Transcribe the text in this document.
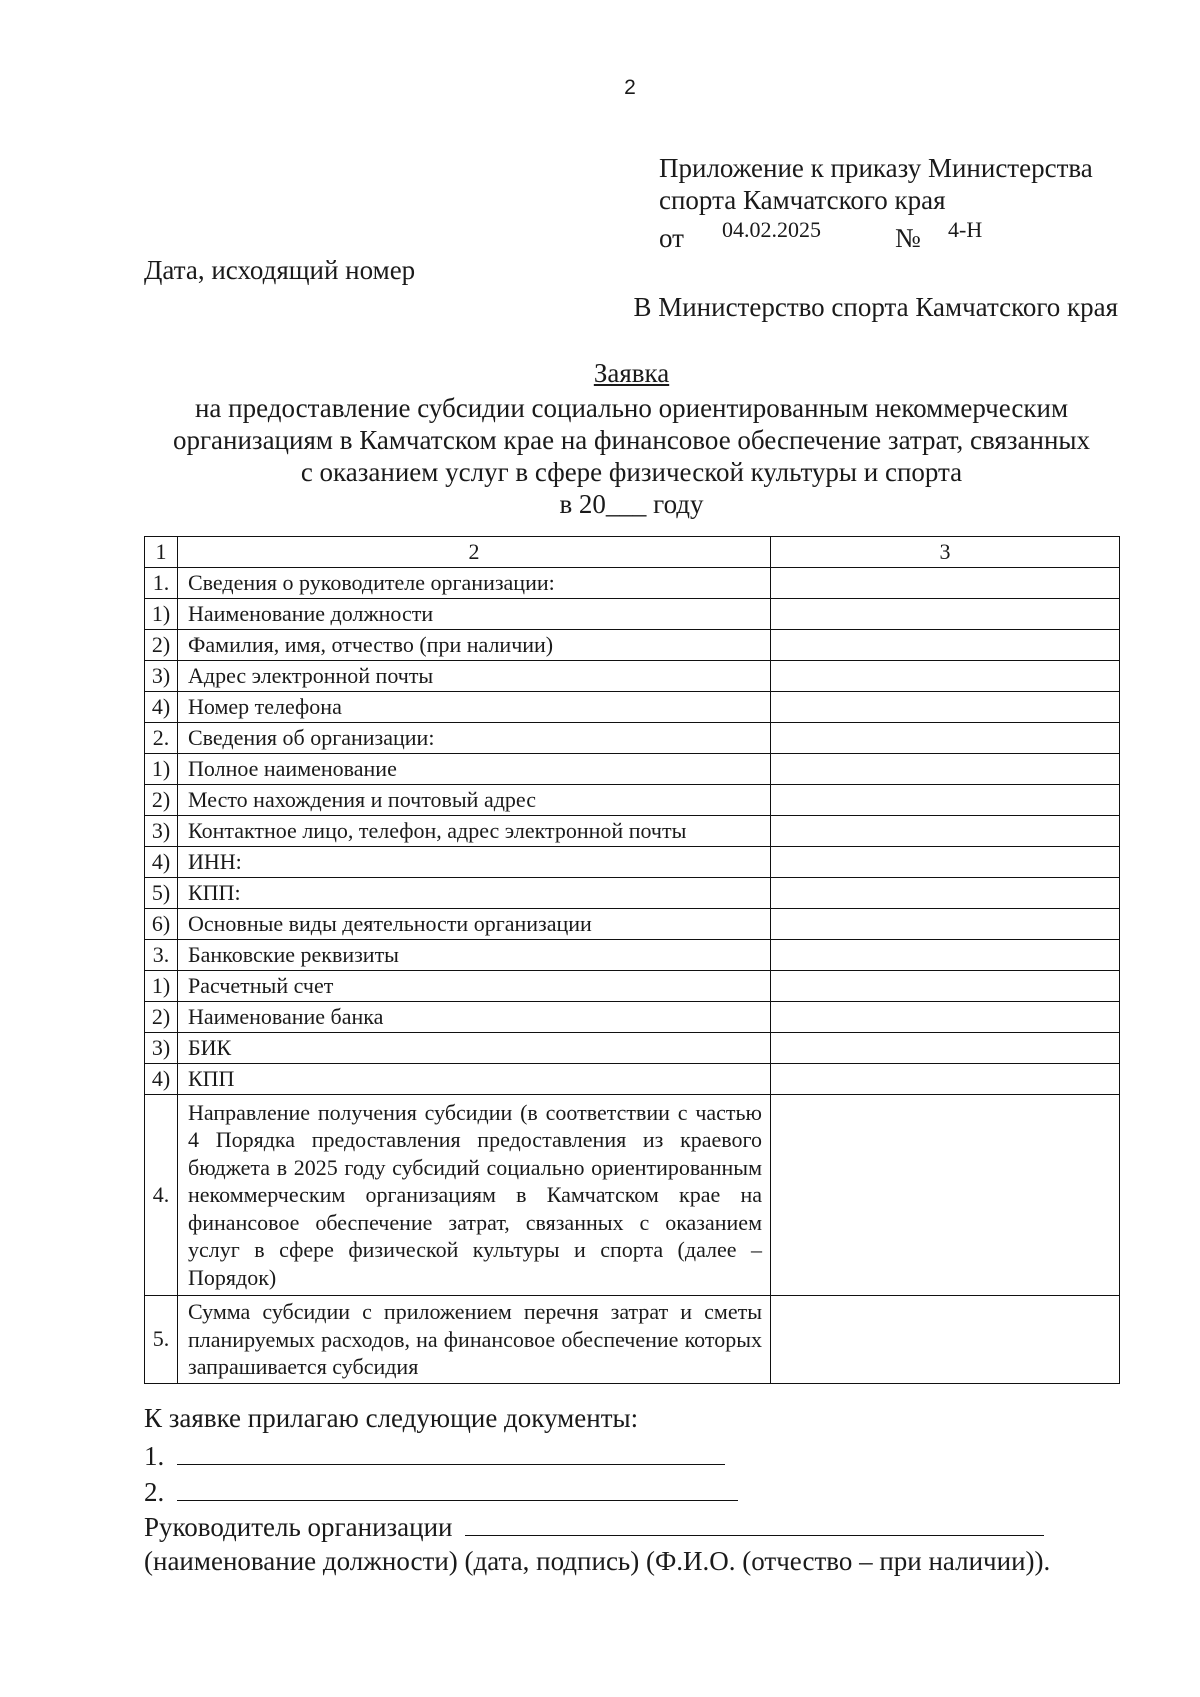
2
Приложение к приказу Министерства
спорта Камчатского края
от 04.02.2025	№ 4-Н
Дата, исходящий номер
В Министерство спорта Камчатского края
Заявка
на предоставление субсидии социально ориентированным некоммерческим
организациям в Камчатском крае на финансовое обеспечение затрат, связанных
с оказанием услуг в сфере физической культуры и спорта
в 20___ году
1	2	3
1.	Сведения о руководителе организации:	
1)	Наименование должности	
2)	Фамилия, имя, отчество (при наличии)	
3)	Адрес электронной почты	
4)	Номер телефона	
2.	Сведения об организации:	
1)	Полное наименование	
2)	Место нахождения и почтовый адрес	
3)	Контактное лицо, телефон, адрес электронной почты	
4)	ИНН:	
5)	КПП:	
6)	Основные виды деятельности организации	
3.	Банковские реквизиты	
1)	Расчетный счет	
2)	Наименование банка	
3)	БИК	
4)	КПП	
4.	Направление получения субсидии (в соответствии с частью 4 Порядка предоставления предоставления из краевого бюджета в 2025 году субсидий социально ориентированным некоммерческим организациям в Камчатском крае на финансовое обеспечение затрат, связанных с оказанием услуг в сфере физической культуры и спорта (далее – Порядок)	
5.	Сумма субсидии с приложением перечня затрат и сметы планируемых расходов, на финансовое обеспечение которых запрашивается субсидия	
К заявке прилагаю следующие документы:
1.
2.
Руководитель организации
(наименование должности) (дата, подпись) (Ф.И.О. (отчество – при наличии)).
